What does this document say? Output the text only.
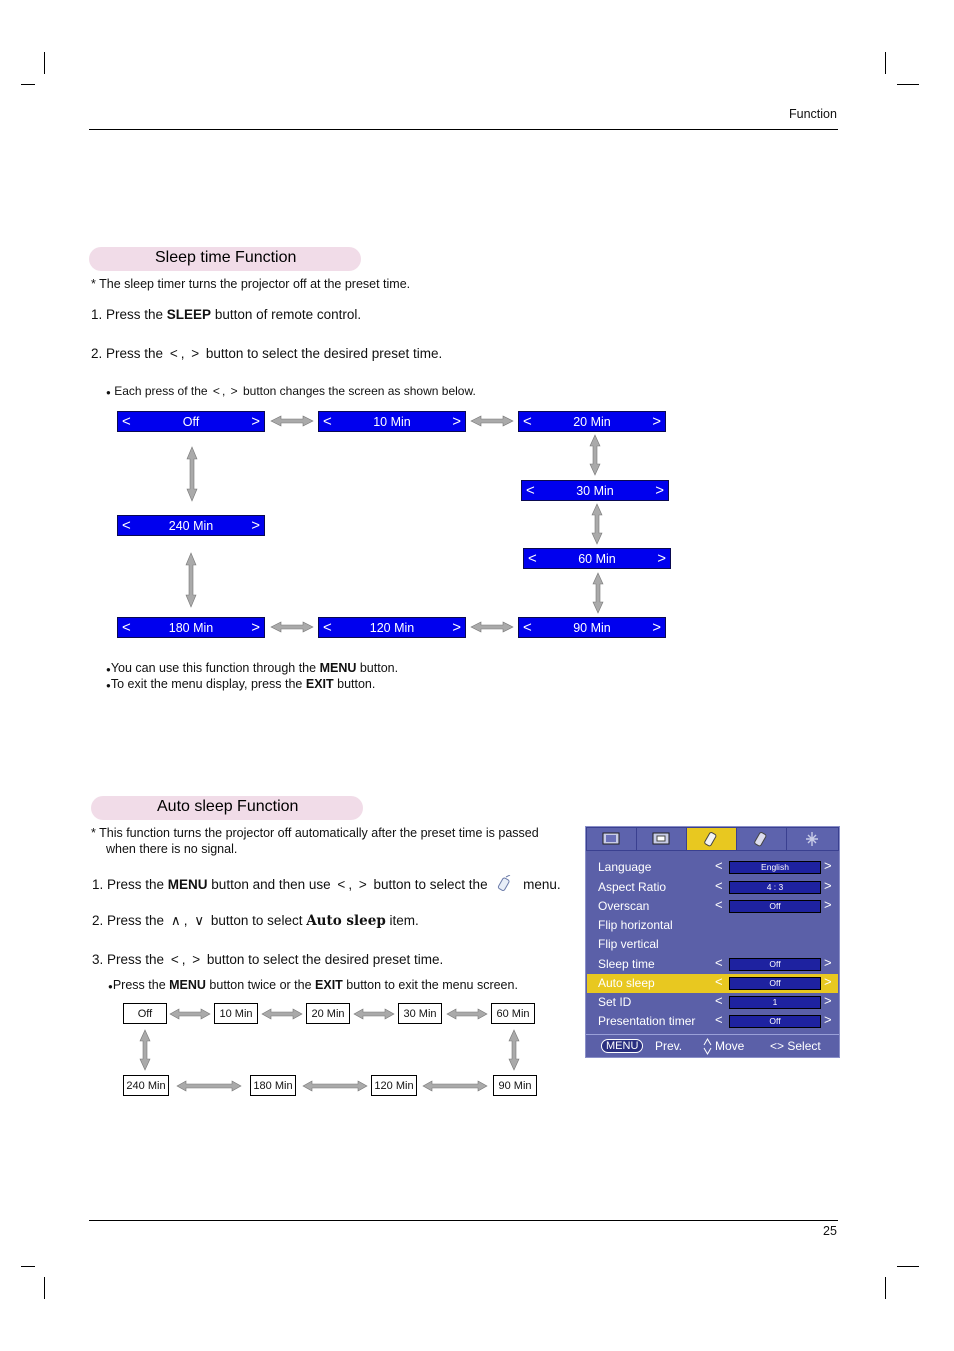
Function
Sleep time Function
* The sleep timer turns the projector off at the preset time.
1. Press the SLEEP button of remote control.
2. Press the < , > button to select the desired preset time.
● Each press of the < , > button changes the screen as shown below.
<	Off	>	<	10 Min	>	<	20 Min	>
<	30 Min	>
<	60 Min	>
<	90 Min	>
<	120 Min	>
<	180 Min	>
<	240 Min	>
●You can use this function through the MENU button.
●To exit the menu display, press the EXIT button.
Auto sleep Function
* This function turns the projector off automatically after the preset time is passed
when there is no signal.
1. Press the MENU button and then use < , > button to select the	menu.
2. Press the ∧ , ∨ button to select Auto sleep item.
3. Press the < , > button to select the desired preset time.
●Press the MENU button twice or the EXIT button to exit the menu screen.
Off	10 Min	20 Min	30 Min	60 Min
90 Min
120 Min
180 Min
240 Min
Language	<	English	>
Aspect Ratio	<	4 : 3	>
Overscan	<	Off	>
Flip horizontal
Flip vertical
Sleep time	<	Off	>
Auto sleep	<	Off	>
Set ID	<	1	>
Presentation timer <	Off	>
MENU	Prev.	Move <> Select
25
